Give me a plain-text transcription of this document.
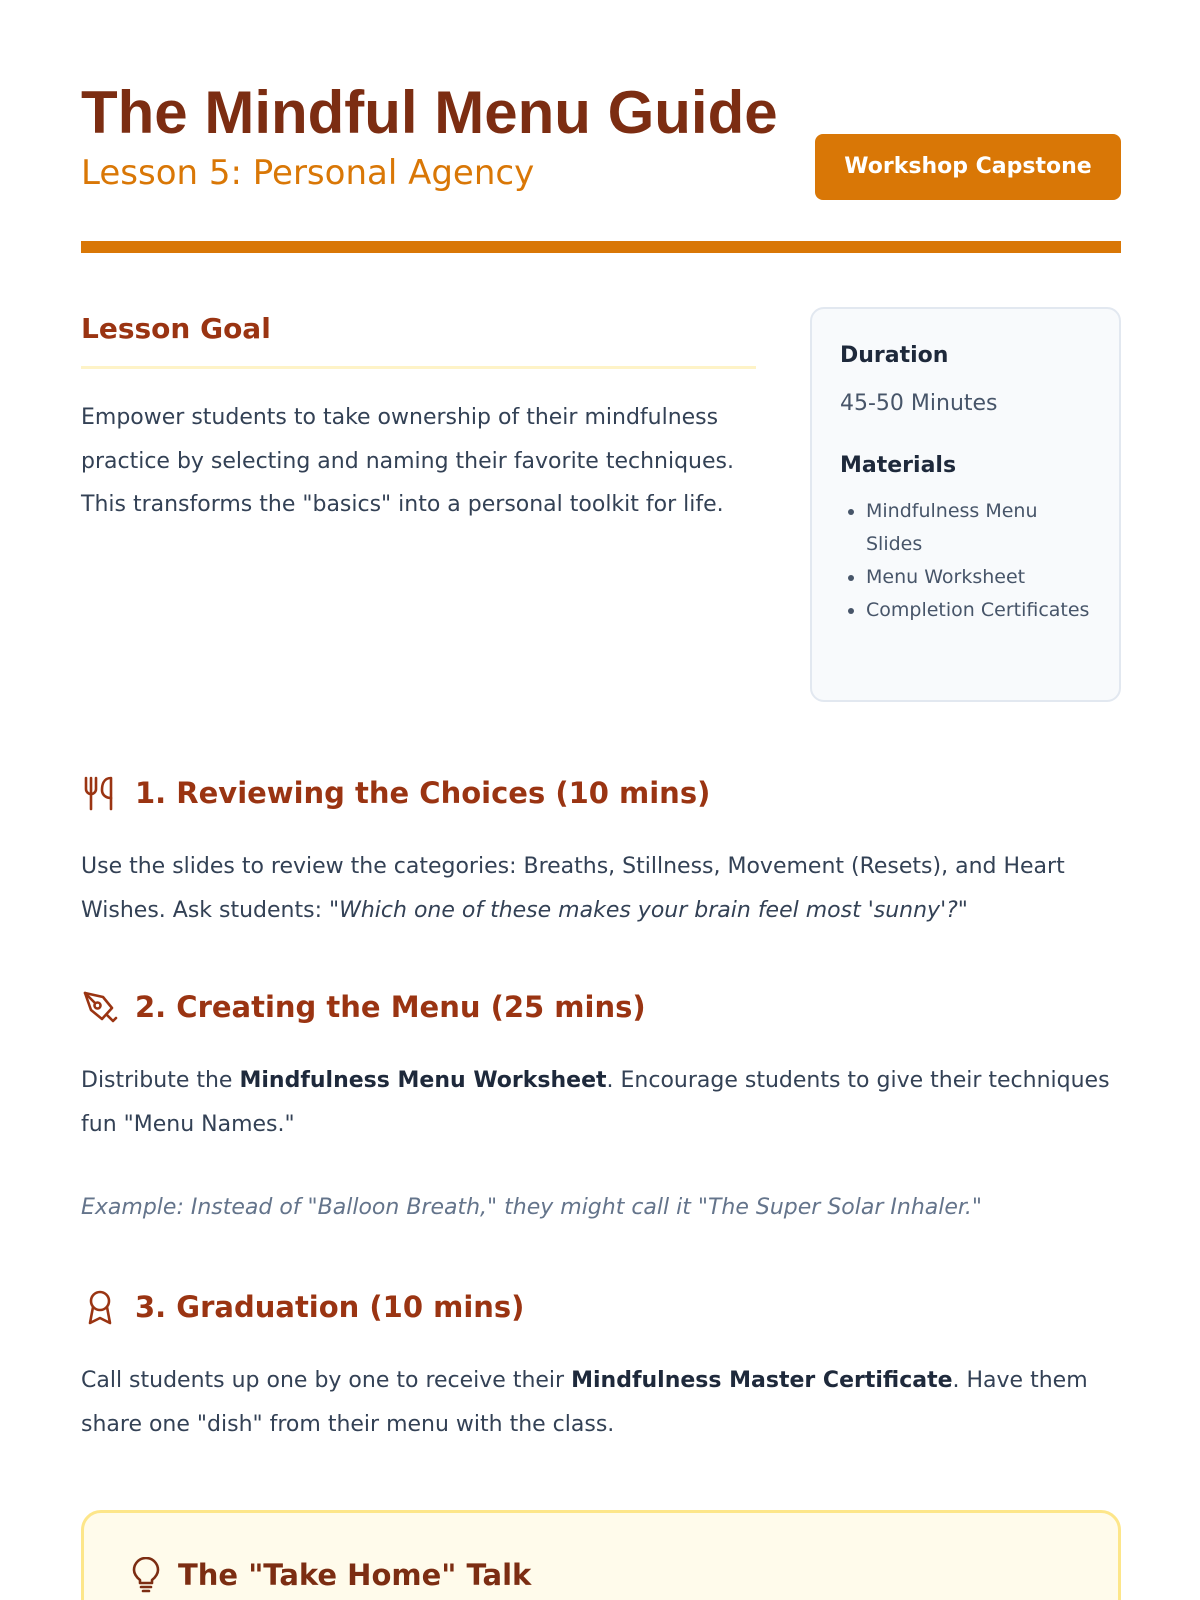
The Mindful Menu Guide
Lesson 5: Personal Agency	Workshop Capstone
Lesson Goal

Empower students to take ownership of their mindfulness practice by selecting and naming their favorite techniques. This transforms the "basics" into a personal toolkit for life.

Duration
45-50 Minutes
Materials
• Mindfulness Menu Slides
• Menu Worksheet
• Completion Certificates
1. Reviewing the Choices (10 mins)

Use the slides to review the categories: Breaths, Stillness, Movement (Resets), and Heart Wishes. Ask students: "Which one of these makes your brain feel most 'sunny'?"

2. Creating the Menu (25 mins)

Distribute the Mindfulness Menu Worksheet. Encourage students to give their techniques fun "Menu Names."

Example: Instead of "Balloon Breath," they might call it "The Super Solar Inhaler."

3. Graduation (10 mins)

Call students up one by one to receive their Mindfulness Master Certificate. Have them share one "dish" from their menu with the class.

The "Take Home" Talk
